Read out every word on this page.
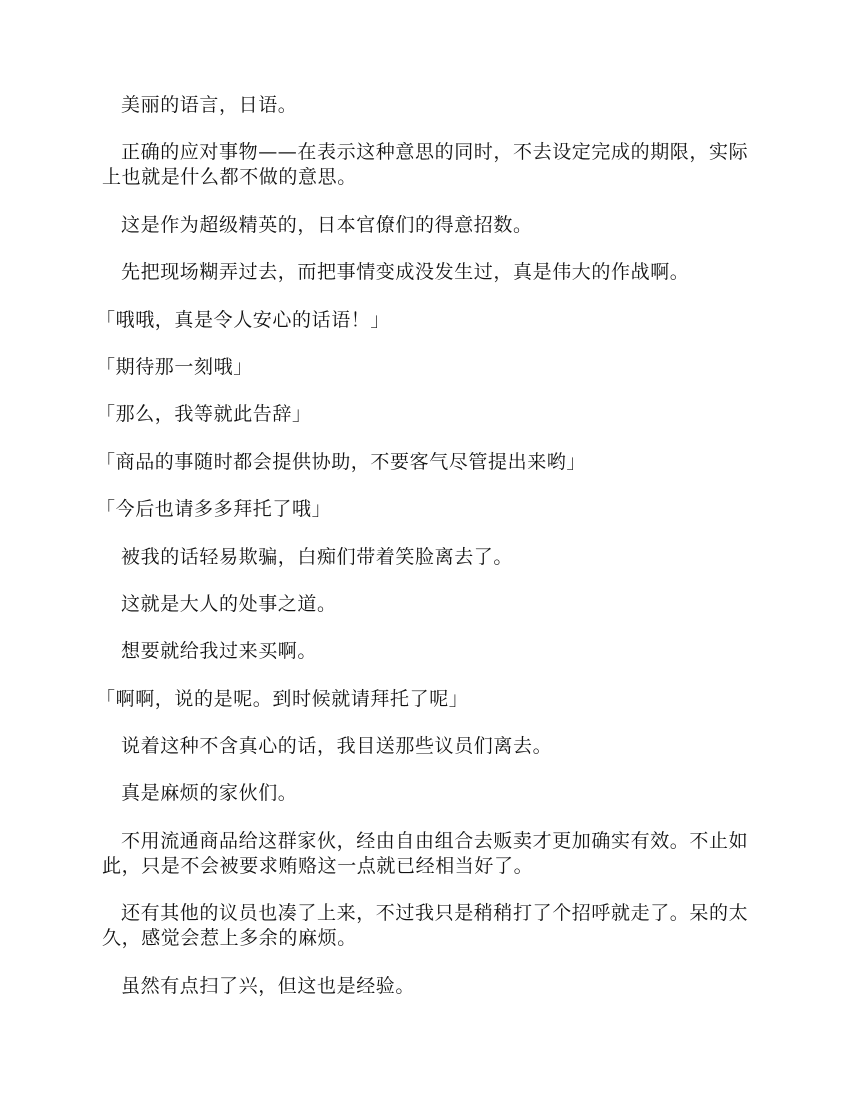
美丽的语言，日语。

正确的应对事物——在表示这种意思的同时，不去设定完成的期限，实际上也就是什么都不做的意思。

这是作为超级精英的，日本官僚们的得意招数。

先把现场糊弄过去，而把事情变成没发生过，真是伟大的作战啊。

「哦哦，真是令人安心的话语！」

「期待那一刻哦」

「那么，我等就此告辞」

「商品的事随时都会提供协助，不要客气尽管提出来哟」

「今后也请多多拜托了哦」

被我的话轻易欺骗，白痴们带着笑脸离去了。

这就是大人的处事之道。

想要就给我过来买啊。

「啊啊，说的是呢。到时候就请拜托了呢」

说着这种不含真心的话，我目送那些议员们离去。

真是麻烦的家伙们。

不用流通商品给这群家伙，经由自由组合去贩卖才更加确实有效。不止如此，只是不会被要求贿赂这一点就已经相当好了。

还有其他的议员也凑了上来，不过我只是稍稍打了个招呼就走了。呆的太久，感觉会惹上多余的麻烦。

虽然有点扫了兴，但这也是经验。
